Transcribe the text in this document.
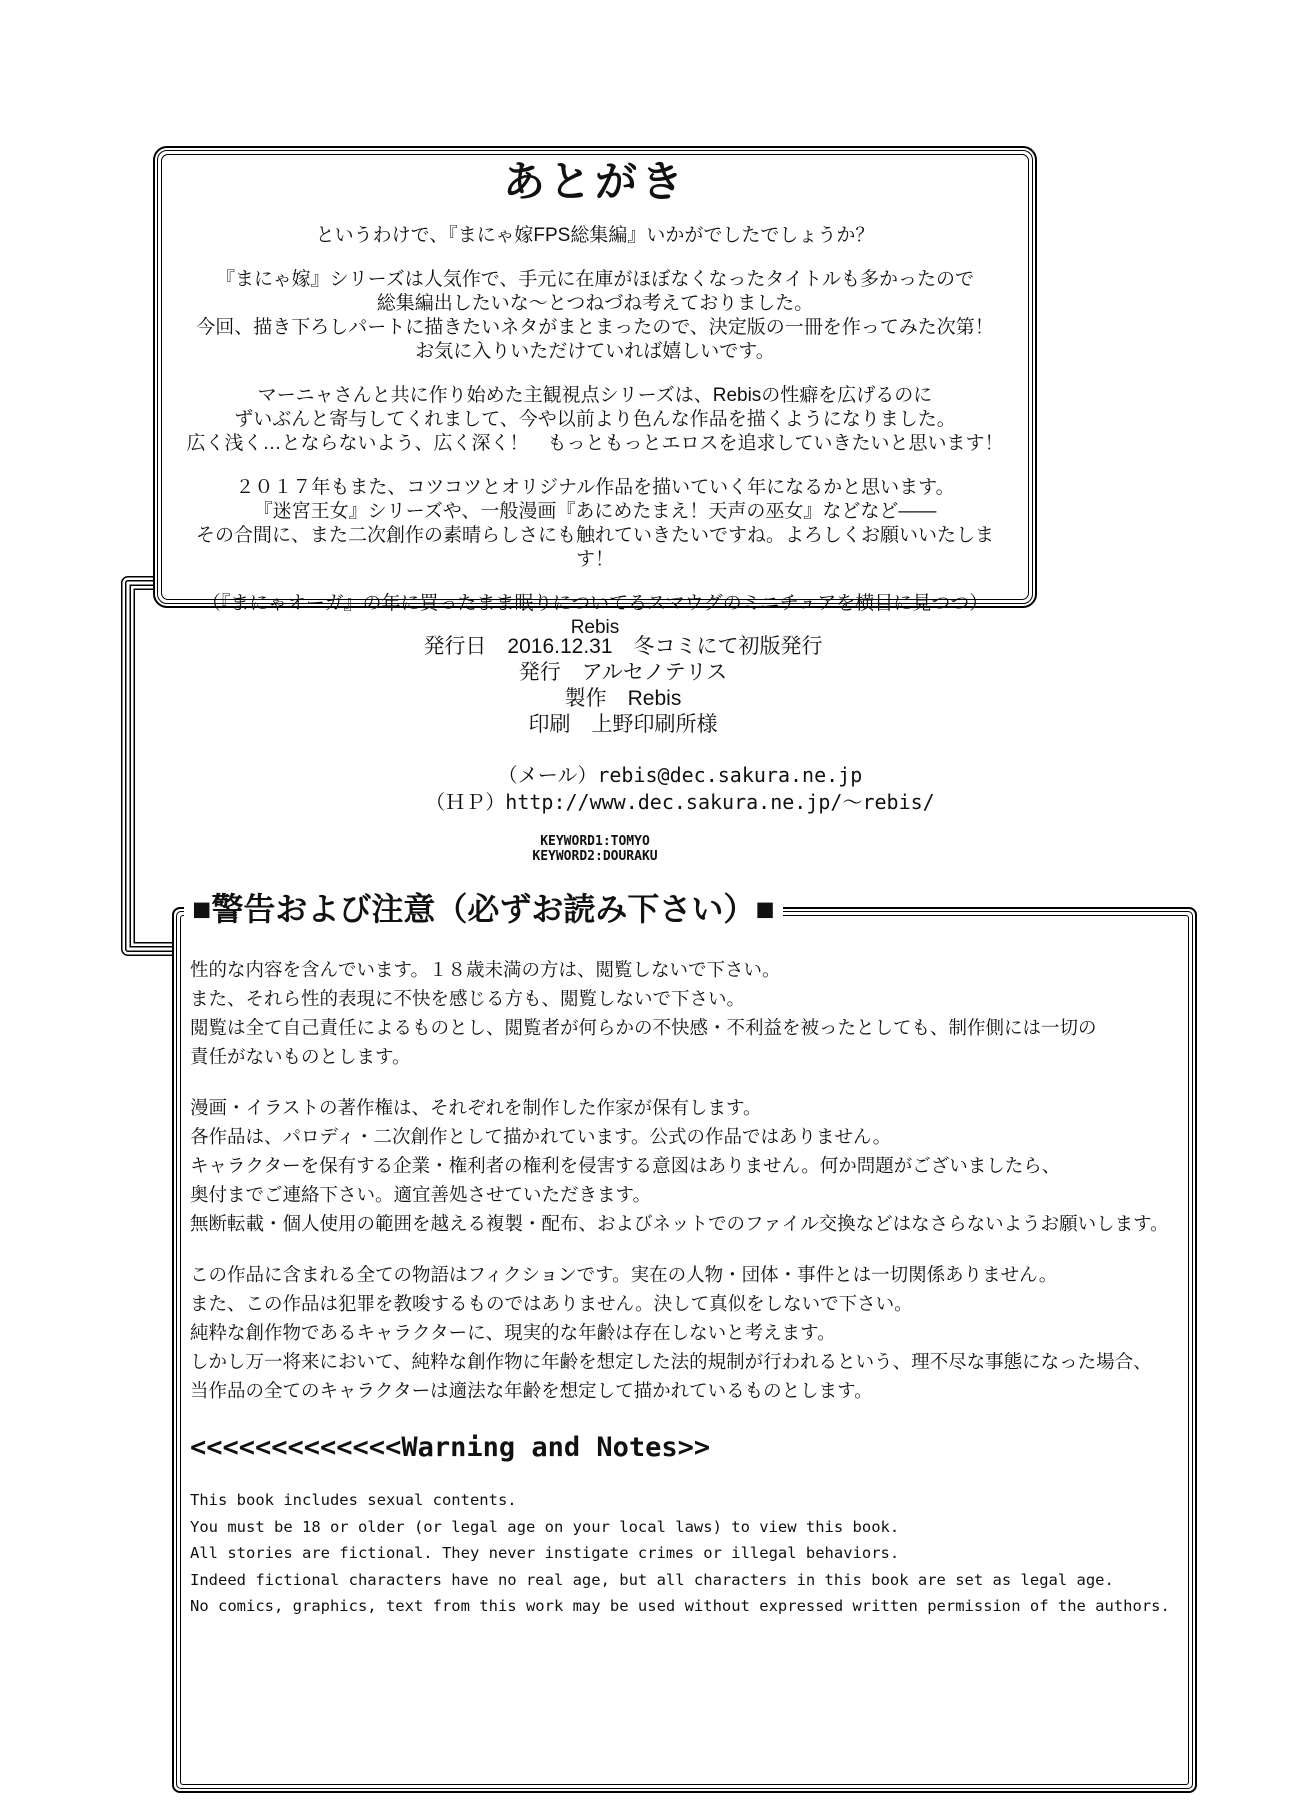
あとがき
というわけで、『まにゃ嫁FPS総集編』いかがでしたでしょうか？
『まにゃ嫁』シリーズは人気作で、手元に在庫がほぼなくなったタイトルも多かったので
総集編出したいな〜とつねづね考えておりました。
今回、描き下ろしパートに描きたいネタがまとまったので、決定版の一冊を作ってみた次第！
お気に入りいただけていれば嬉しいです。
マーニャさんと共に作り始めた主観視点シリーズは、Rebisの性癖を広げるのに
ずいぶんと寄与してくれまして、今や以前より色んな作品を描くようになりました。
広く浅く…とならないよう、広く深く！　もっともっとエロスを追求していきたいと思います！
２０１７年もまた、コツコツとオリジナル作品を描いていく年になるかと思います。
『迷宮王女』シリーズや、一般漫画『あにめたまえ！天声の巫女』などなど――
その合間に、また二次創作の素晴らしさにも触れていきたいですね。よろしくお願いいたします！
（『まにゃオーガ』の年に買ったまま眠りについてるスマウグのミニチュアを横目に見つつ）Rebis
発行日　2016.12.31　冬コミにて初版発行
発行　アルセノテリス
製作　Rebis
印刷　上野印刷所様
（メール）rebis@dec.sakura.ne.jp
（ＨＰ）http://www.dec.sakura.ne.jp/～rebis/
KEYWORD1:TOMYO
KEYWORD2:DOURAKU
■警告および注意（必ずお読み下さい）■
性的な内容を含んでいます。１８歳未満の方は、閲覧しないで下さい。
また、それら性的表現に不快を感じる方も、閲覧しないで下さい。
閲覧は全て自己責任によるものとし、閲覧者が何らかの不快感・不利益を被ったとしても、制作側には一切の
責任がないものとします。
漫画・イラストの著作権は、それぞれを制作した作家が保有します。
各作品は、パロディ・二次創作として描かれています。公式の作品ではありません。
キャラクターを保有する企業・権利者の権利を侵害する意図はありません。何か問題がございましたら、
奥付までご連絡下さい。適宜善処させていただきます。
無断転載・個人使用の範囲を越える複製・配布、およびネットでのファイル交換などはなさらないようお願いします。
この作品に含まれる全ての物語はフィクションです。実在の人物・団体・事件とは一切関係ありません。
また、この作品は犯罪を教唆するものではありません。決して真似をしないで下さい。
純粋な創作物であるキャラクターに、現実的な年齢は存在しないと考えます。
しかし万一将来において、純粋な創作物に年齢を想定した法的規制が行われるという、理不尽な事態になった場合、
当作品の全てのキャラクターは適法な年齢を想定して描かれているものとします。
<<<<<<<<<<<<<Warning and Notes>>
This book includes sexual contents.
You must be 18 or older (or legal age on your local laws) to view this book.
All stories are fictional. They never instigate crimes or illegal behaviors.
Indeed fictional characters have no real age, but all characters in this book are set as legal age.
No comics, graphics, text from this work may be used without expressed written permission of the authors.
